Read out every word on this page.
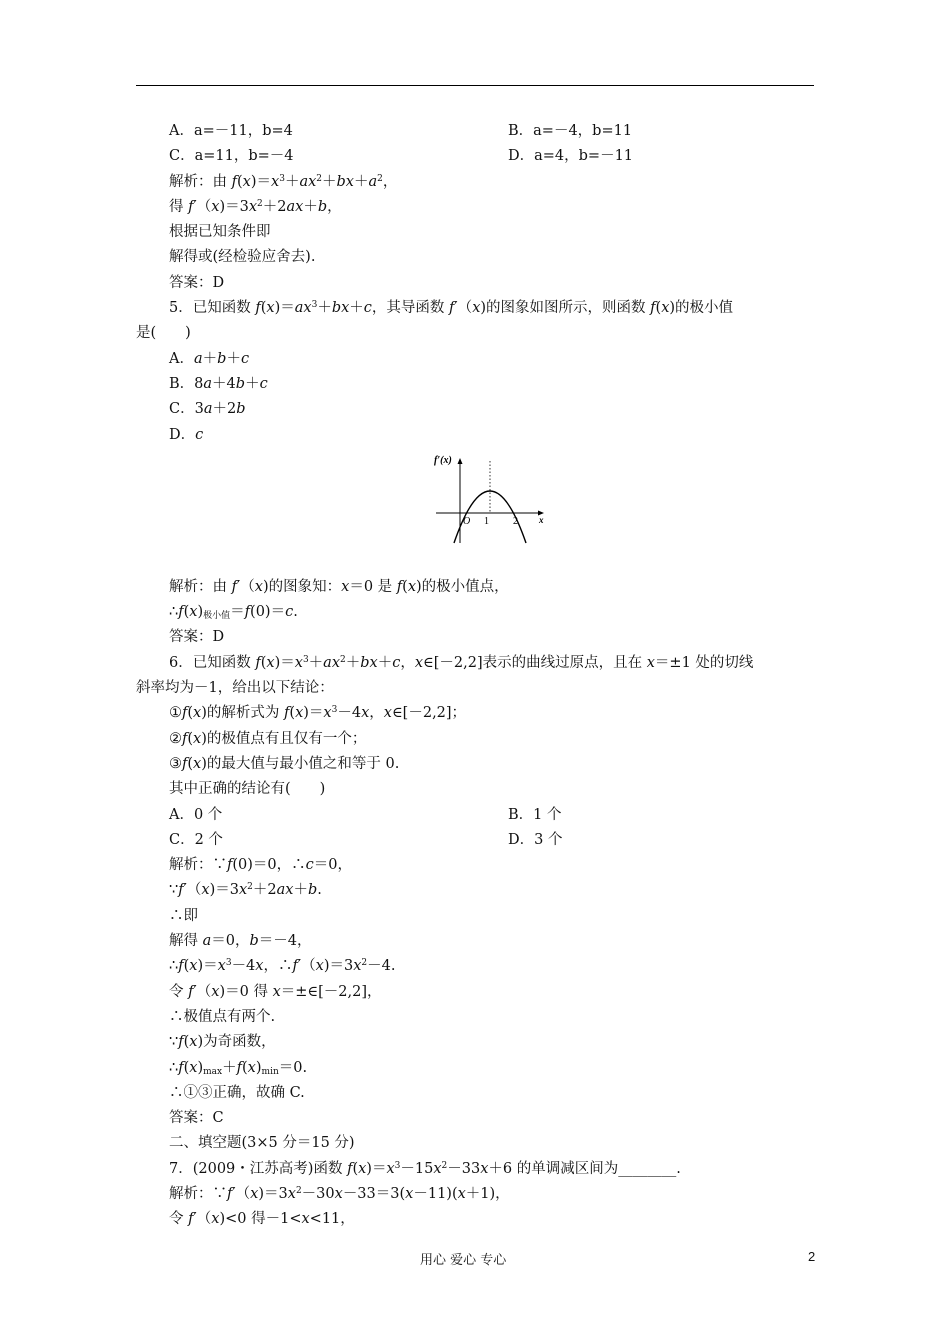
A．a=－11，b=4	B．a=－4，b=11
C．a=11，b=－4	D．a=4，b=－11
解析：由 $f(x)=x^3+ax^2+bx+a^2$，
得 $f'(x)=3x^2+2ax+b$，
根据已知条件即
解得或(经检验应舍去).
答案：D
5．已知函数 $f(x)=ax^3+bx+c$，其导函数 f′（x)的图象如图所示，则函数 f(x)的极小值
是(　　)
A．a＋b＋c
B．8a＋4b＋c
C．3a＋2b
D．c
解析：由 f′（x)的图象知：x＝0 是 f(x)的极小值点，
$\therefore f(x)_{极小值}=f(0)=c$.
答案：D
6．已知函数 $f(x)=x^3+ax^2+bx+c$，x∈[－2,2]表示的曲线过原点，且在 x＝±1 处的切线
斜率均为－1，给出以下结论：
①f(x)的解析式为 $f(x)=x^3-4x$，x∈[－2,2]；
②f(x)的极值点有且仅有一个；
③f(x)的最大值与最小值之和等于 0.
其中正确的结论有(　　)
A．0 个	B．1 个
C．2 个	D．3 个
解析：∵f(0)＝0，∴c＝0，
$\because f'(x)=3x^2+2ax+b$.
∴即
解得 a＝0，b＝－4，
$\therefore f(x)=x^3-4x$，$\therefore f'(x)=3x^2-4$.
令 f′（x)＝0 得 x＝±∈[－2,2]，
∴极值点有两个.
∵f(x)为奇函数，
$\therefore f(x)_{max}+f(x)_{min}=0$.
∴①③正确，故确 C.
答案：C
二、填空题(3×5 分＝15 分)
7．(2009・江苏高考)函数 $f(x)=x^3-15x^2-33x+6$ 的单调减区间为________.
解析：$\because f'(x)=3x^2-30x-33=3(x-11)(x+1)$，
令 f′（x)<0 得－1<x<11，
f′(x)
x
O 1 2
用心 爱心 专心	2
